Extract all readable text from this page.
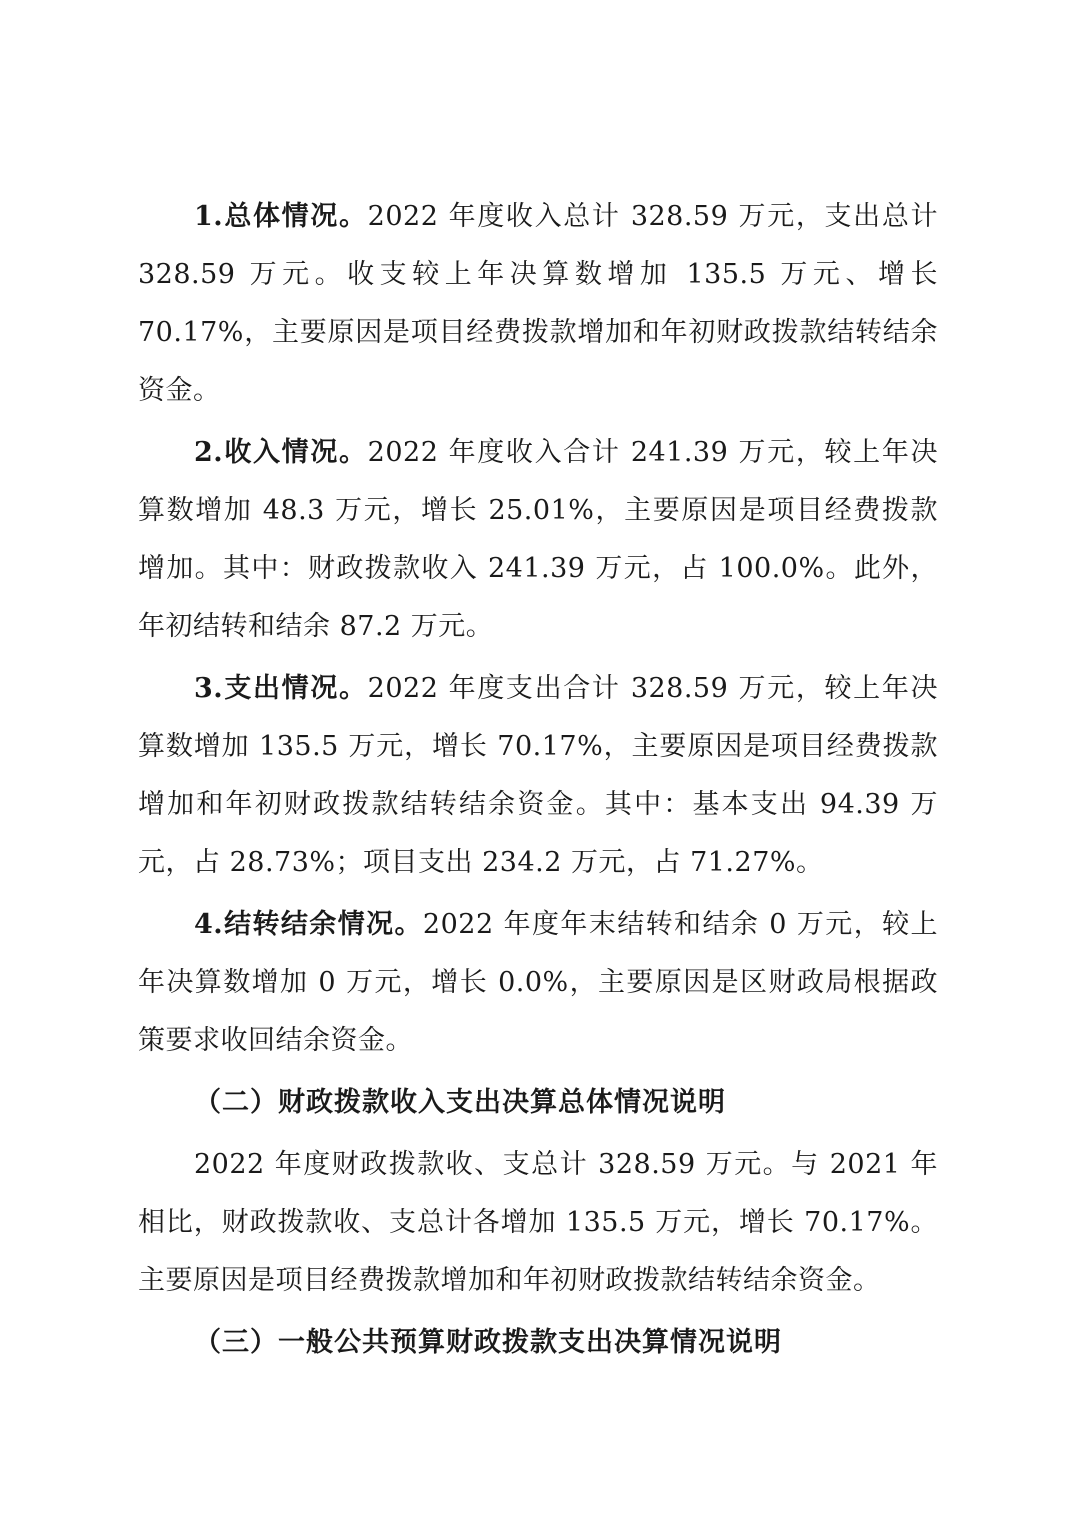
1.总体情况。2022 年度收入总计 328.59 万元，支出总计 328.59 万元。收支较上年决算数增加 135.5 万元、增长 70.17%，主要原因是项目经费拨款增加和年初财政拨款结转结余资金。

2.收入情况。2022 年度收入合计 241.39 万元，较上年决算数增加 48.3 万元，增长 25.01%，主要原因是项目经费拨款增加。其中：财政拨款收入 241.39 万元，占 100.0%。此外，年初结转和结余 87.2 万元。

3.支出情况。2022 年度支出合计 328.59 万元，较上年决算数增加 135.5 万元，增长 70.17%，主要原因是项目经费拨款增加和年初财政拨款结转结余资金。其中：基本支出 94.39 万元，占 28.73%；项目支出 234.2 万元，占 71.27%。

4.结转结余情况。2022 年度年末结转和结余 0 万元，较上年决算数增加 0 万元，增长 0.0%，主要原因是区财政局根据政策要求收回结余资金。

（二）财政拨款收入支出决算总体情况说明

2022 年度财政拨款收、支总计 328.59 万元。与 2021 年相比，财政拨款收、支总计各增加 135.5 万元，增长 70.17%。主要原因是项目经费拨款增加和年初财政拨款结转结余资金。

（三）一般公共预算财政拨款支出决算情况说明
